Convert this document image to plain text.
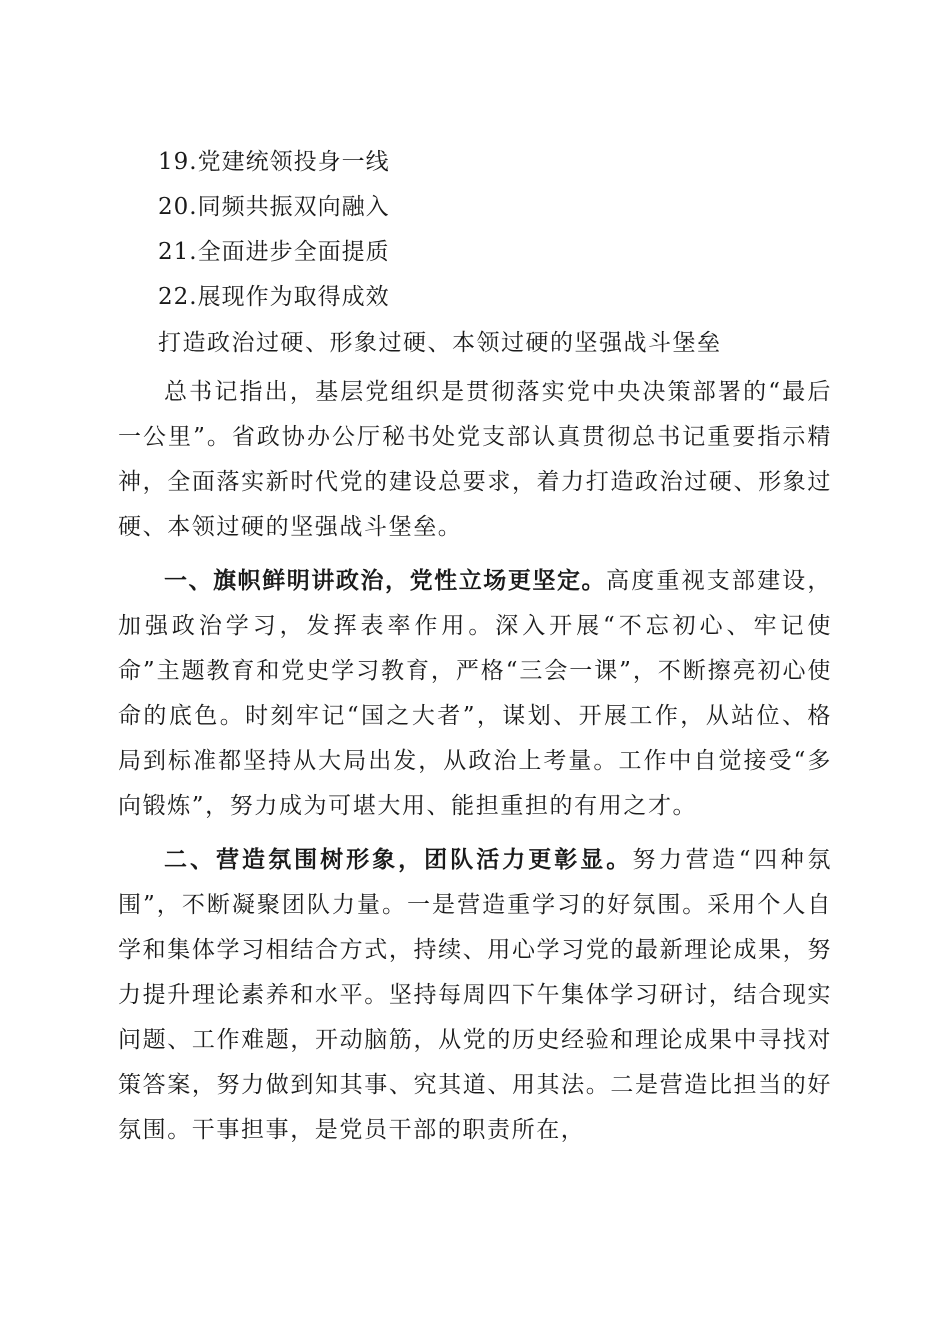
19.党建统领投身一线
20.同频共振双向融入
21.全面进步全面提质
22.展现作为取得成效
打造政治过硬、形象过硬、本领过硬的坚强战斗堡垒

总书记指出，基层党组织是贯彻落实党中央决策部署的“最后一公里”。省政协办公厅秘书处党支部认真贯彻总书记重要指示精神，全面落实新时代党的建设总要求，着力打造政治过硬、形象过硬、本领过硬的坚强战斗堡垒。

一、旗帜鲜明讲政治，党性立场更坚定。高度重视支部建设，加强政治学习，发挥表率作用。深入开展“不忘初心、牢记使命”主题教育和党史学习教育，严格“三会一课”，不断擦亮初心使命的底色。时刻牢记“国之大者”，谋划、开展工作，从站位、格局到标准都坚持从大局出发，从政治上考量。工作中自觉接受“多向锻炼”，努力成为可堪大用、能担重担的有用之才。

二、营造氛围树形象，团队活力更彰显。努力营造“四种氛围”，不断凝聚团队力量。一是营造重学习的好氛围。采用个人自学和集体学习相结合方式，持续、用心学习党的最新理论成果，努力提升理论素养和水平。坚持每周四下午集体学习研讨，结合现实问题、工作难题，开动脑筋，从党的历史经验和理论成果中寻找对策答案，努力做到知其事、究其道、用其法。二是营造比担当的好氛围。干事担事，是党员干部的职责所在，
